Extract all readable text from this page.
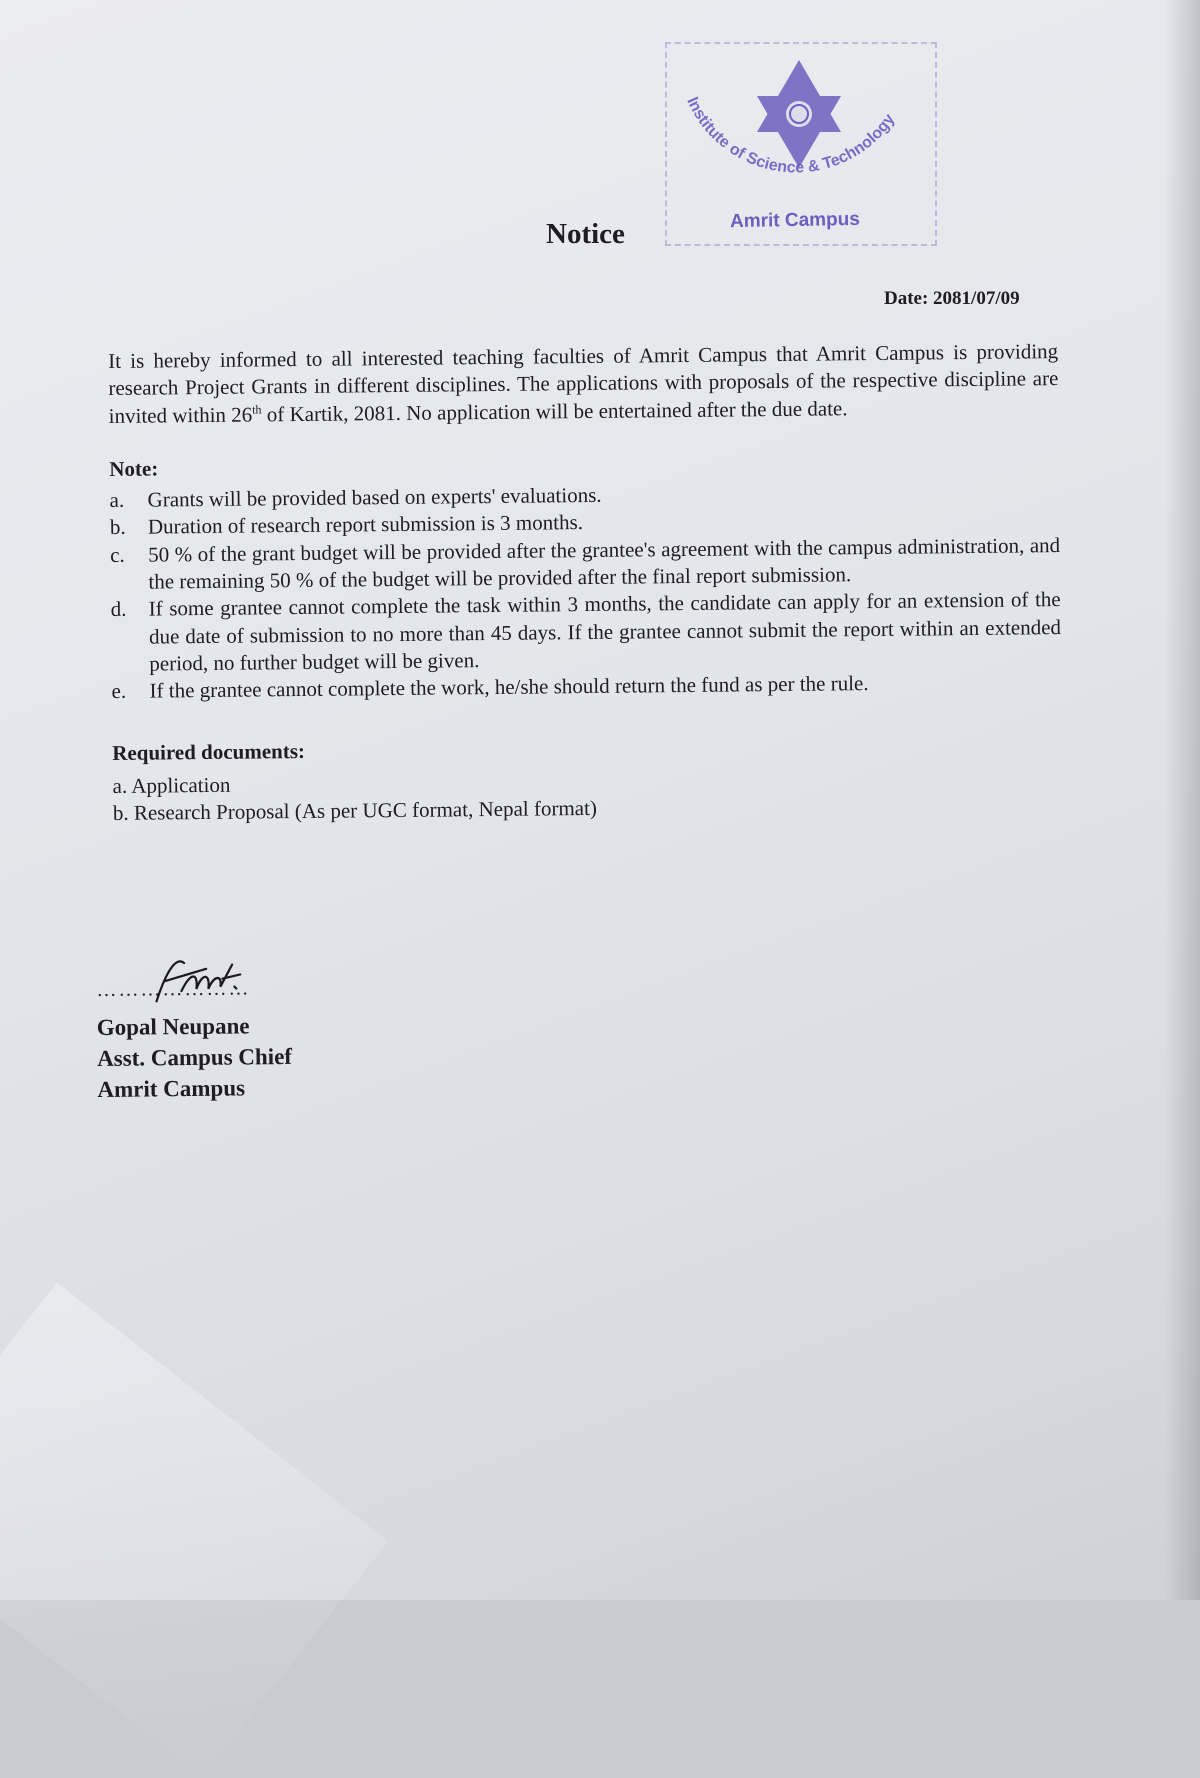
Institute of Science & Technology
Amrit Campus
Notice
Date: 2081/07/09

It is hereby informed to all interested teaching faculties of Amrit Campus that Amrit Campus is providing research Project Grants in different disciplines. The applications with proposals of the respective discipline are invited within 26th of Kartik, 2081. No application will be entertained after the due date.

Note:

a.	Grants will be provided based on experts' evaluations.
b.	Duration of research report submission is 3 months.
c.	50 % of the grant budget will be provided after the grantee's agreement with the campus administration, and the remaining 50 % of the budget will be provided after the final report submission.
d.	If some grantee cannot complete the task within 3 months, the candidate can apply for an extension of the due date of submission to no more than 45 days. If the grantee cannot submit the report within an extended period, no further budget will be given.
e.	If the grantee cannot complete the work, he/she should return the fund as per the rule.

Required documents:

a. Application
b. Research Proposal (As per UGC format, Nepal format)
…………………
Gopal Neupane
Asst. Campus Chief
Amrit Campus
